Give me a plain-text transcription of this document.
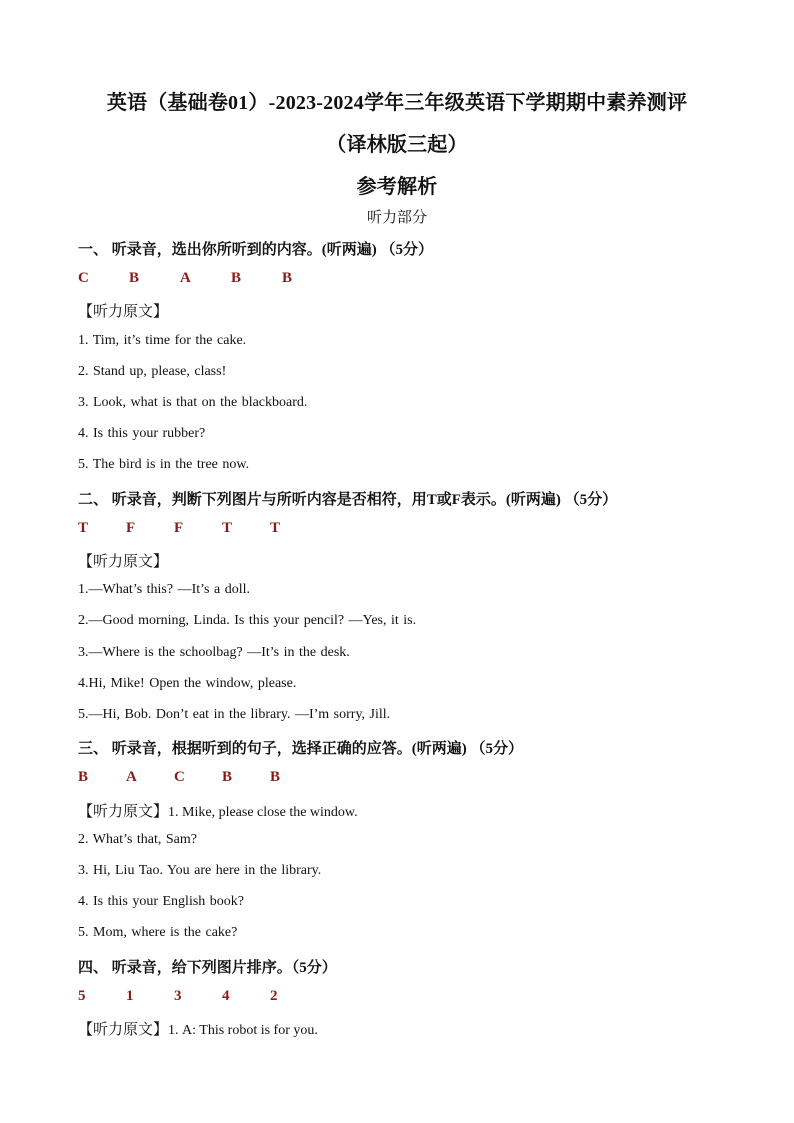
英语（基础卷01）-2023-2024学年三年级英语下学期期中素养测评
（译林版三起）
参考解析
听力部分
一、 听录音，选出你所听到的内容。(听两遍) （5分）
C	B	A	B	B
【听力原文】
1. Tim, it’s time for the cake.
2. Stand up, please, class!
3. Look, what is that on the blackboard.
4. Is this your rubber?
5. The bird is in the tree now.
二、 听录音，判断下列图片与所听内容是否相符，用T或F表示。(听两遍) （5分）
T	F	F	T	T
【听力原文】
1.—What’s this? —It’s a doll.
2.—Good morning, Linda. Is this your pencil? —Yes, it is.
3.—Where is the schoolbag? —It’s in the desk.
4.Hi, Mike! Open the window, please.
5.—Hi, Bob. Don’t eat in the library. —I’m sorry, Jill.
三、 听录音，根据听到的句子，选择正确的应答。(听两遍) （5分）
B	A C B	B
【听力原文】1. Mike, please close the window.
2. What’s that, Sam?
3. Hi, Liu Tao. You are here in the library.
4. Is this your English book?
5. Mom, where is the cake?
四、 听录音，给下列图片排序。（5分）
5	1	3	4	2
【听力原文】1. A: This robot is for you.
